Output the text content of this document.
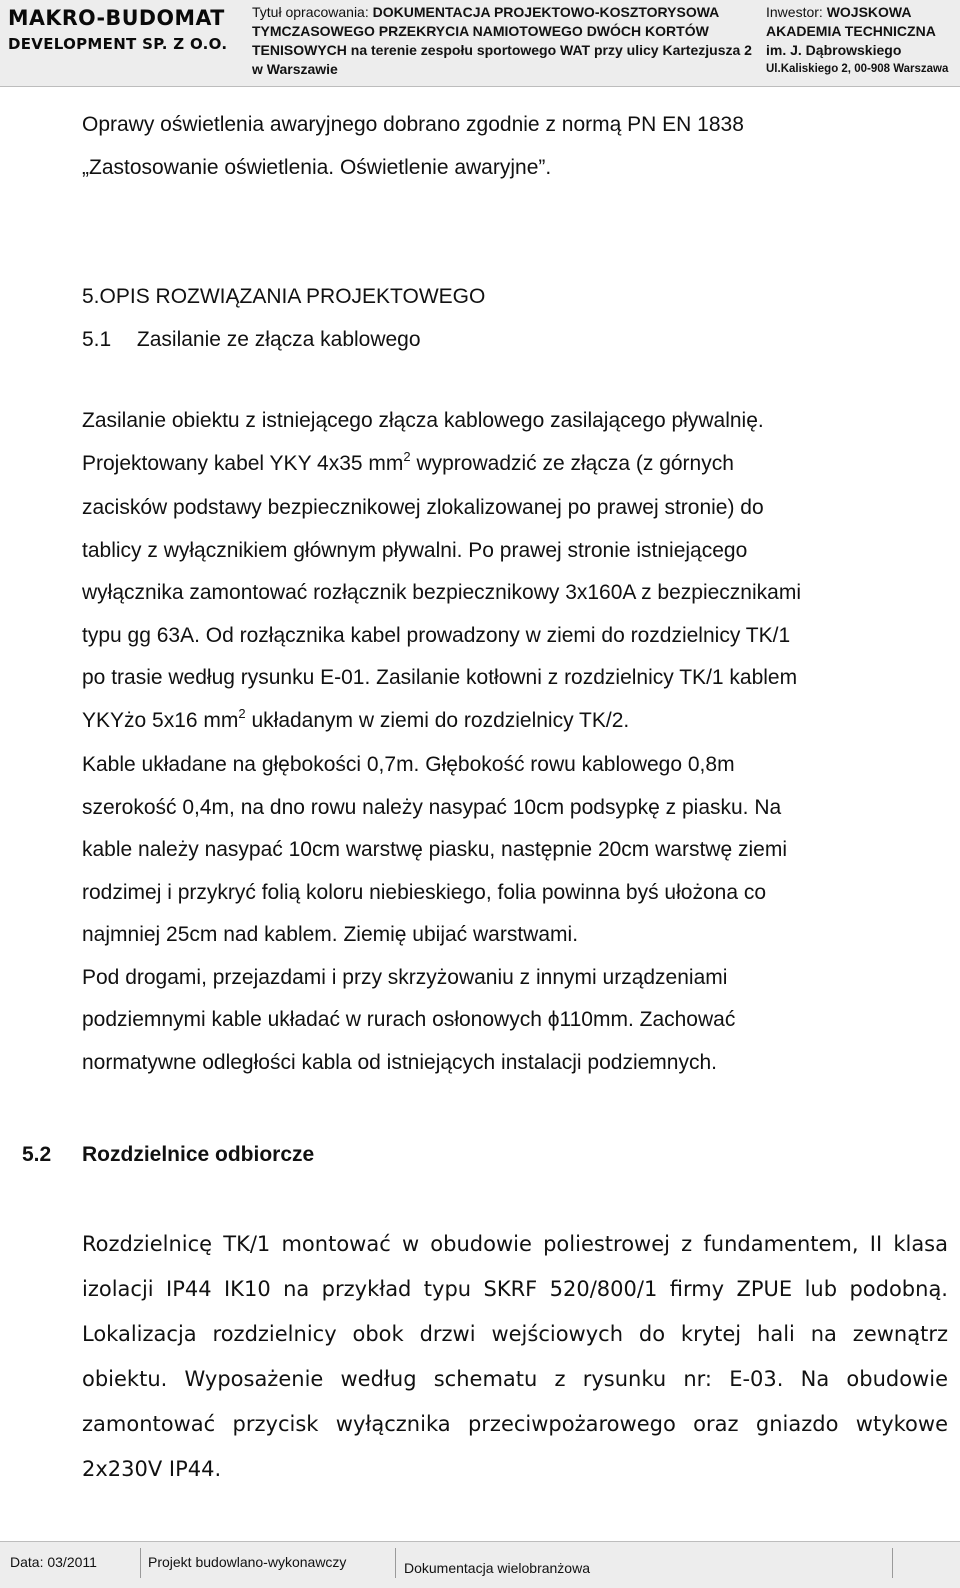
MAKRO-BUDOMAT
DEVELOPMENT SP. Z O.O.
Tytuł opracowania: DOKUMENTACJA PROJEKTOWO-KOSZTORYSOWA
TYMCZASOWEGO PRZEKRYCIA NAMIOTOWEGO DWÓCH KORTÓW
TENISOWYCH na terenie zespołu sportowego WAT przy ulicy Kartezjusza 2
w Warszawie
Inwestor: WOJSKOWA
AKADEMIA TECHNICZNA
im. J. Dąbrowskiego
Ul.Kaliskiego 2, 00-908 Warszawa
Oprawy oświetlenia awaryjnego dobrano zgodnie z normą PN EN 1838
„Zastosowanie oświetlenia. Oświetlenie awaryjne”.
5.OPIS ROZWIĄZANIA PROJEKTOWEGO
5.1 Zasilanie ze złącza kablowego
Zasilanie obiektu z istniejącego złącza kablowego zasilającego pływalnię.
Projektowany kabel YKY 4x35 $mm^2$ wyprowadzić ze złącza (z górnych
zacisków podstawy bezpiecznikowej zlokalizowanej po prawej stronie) do
tablicy z wyłącznikiem głównym pływalni. Po prawej stronie istniejącego
wyłącznika zamontować rozłącznik bezpiecznikowy 3x160A z bezpiecznikami
typu gg 63A. Od rozłącznika kabel prowadzony w ziemi do rozdzielnicy TK/1
po trasie według rysunku E-01. Zasilanie kotłowni z rozdzielnicy TK/1 kablem
YKYżo 5x16 $mm^2$ układanym w ziemi do rozdzielnicy TK/2.
Kable układane na głębokości 0,7m. Głębokość rowu kablowego 0,8m
szerokość 0,4m, na dno rowu należy nasypać 10cm podsypkę z piasku. Na
kable należy nasypać 10cm warstwę piasku, następnie 20cm warstwę ziemi
rodzimej i przykryć folią koloru niebieskiego, folia powinna byś ułożona co
najmniej 25cm nad kablem. Ziemię ubijać warstwami.
Pod drogami, przejazdami i przy skrzyżowaniu z innymi urządzeniami
podziemnymi kable układać w rurach osłonowych ϕ110mm. Zachować
normatywne odległości kabla od istniejących instalacji podziemnych.
5.2 Rozdzielnice odbiorcze
Rozdzielnicę TK/1 montować w obudowie poliestrowej z fundamentem, II klasa izolacji IP44 IK10 na przykład typu SKRF 520/800/1 firmy ZPUE lub podobną. Lokalizacja rozdzielnicy obok drzwi wejściowych do krytej hali na zewnątrz obiektu. Wyposażenie według schematu z rysunku nr: E-03. Na obudowie zamontować przycisk wyłącznika przeciwpożarowego oraz gniazdo wtykowe 2x230V IP44.
Data: 03/2011	Projekt budowlano-wykonawczy	Dokumentacja wielobranżowa
